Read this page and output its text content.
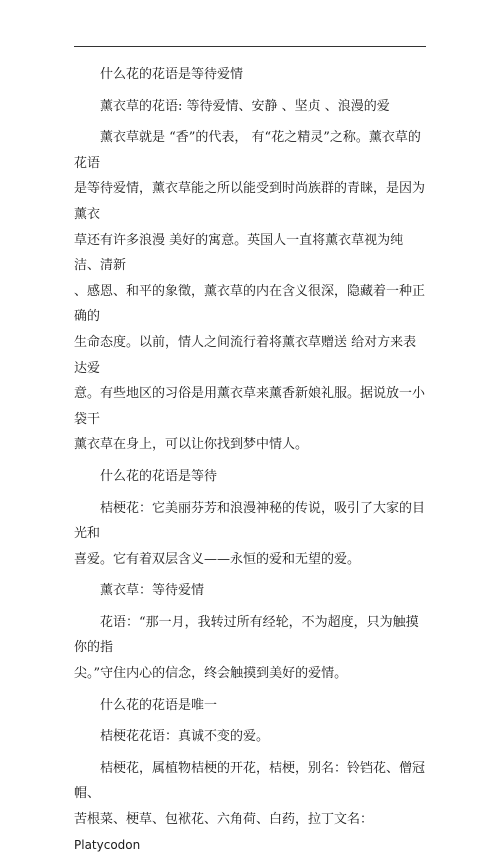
什么花的花语是等待爱情

薰衣草的花语: 等待爱情、安静 、坚贞 、浪漫的爱

薰衣草就是 “香”的代表， 有“花之精灵”之称。薰衣草的花语
是等待爱情，薰衣草能之所以能受到时尚族群的青睐，是因为薰衣
草还有许多浪漫 美好的寓意。英国人一直将薰衣草视为纯洁、清新
、感恩、和平的象徵，薰衣草的内在含义很深，隐藏着一种正确的
生命态度。以前，情人之间流行着将薰衣草赠送 给对方来表达爱
意。有些地区的习俗是用薰衣草来薰香新娘礼服。据说放一小袋干
薰衣草在身上，可以让你找到梦中情人。

什么花的花语是等待

桔梗花：它美丽芬芳和浪漫神秘的传说，吸引了大家的目光和
喜爱。它有着双层含义——永恒的爱和无望的爱。

薰衣草：等待爱情

花语：“那一月，我转过所有经轮，不为超度，只为触摸你的指
尖。”守住内心的信念，终会触摸到美好的爱情。

什么花的花语是唯一

桔梗花花语：真诚不变的爱。

桔梗花，属植物桔梗的开花，桔梗，别名：铃铛花、僧冠帽、
苦根菜、梗草、包袱花、六角荷、白药，拉丁文名：Platycodon
